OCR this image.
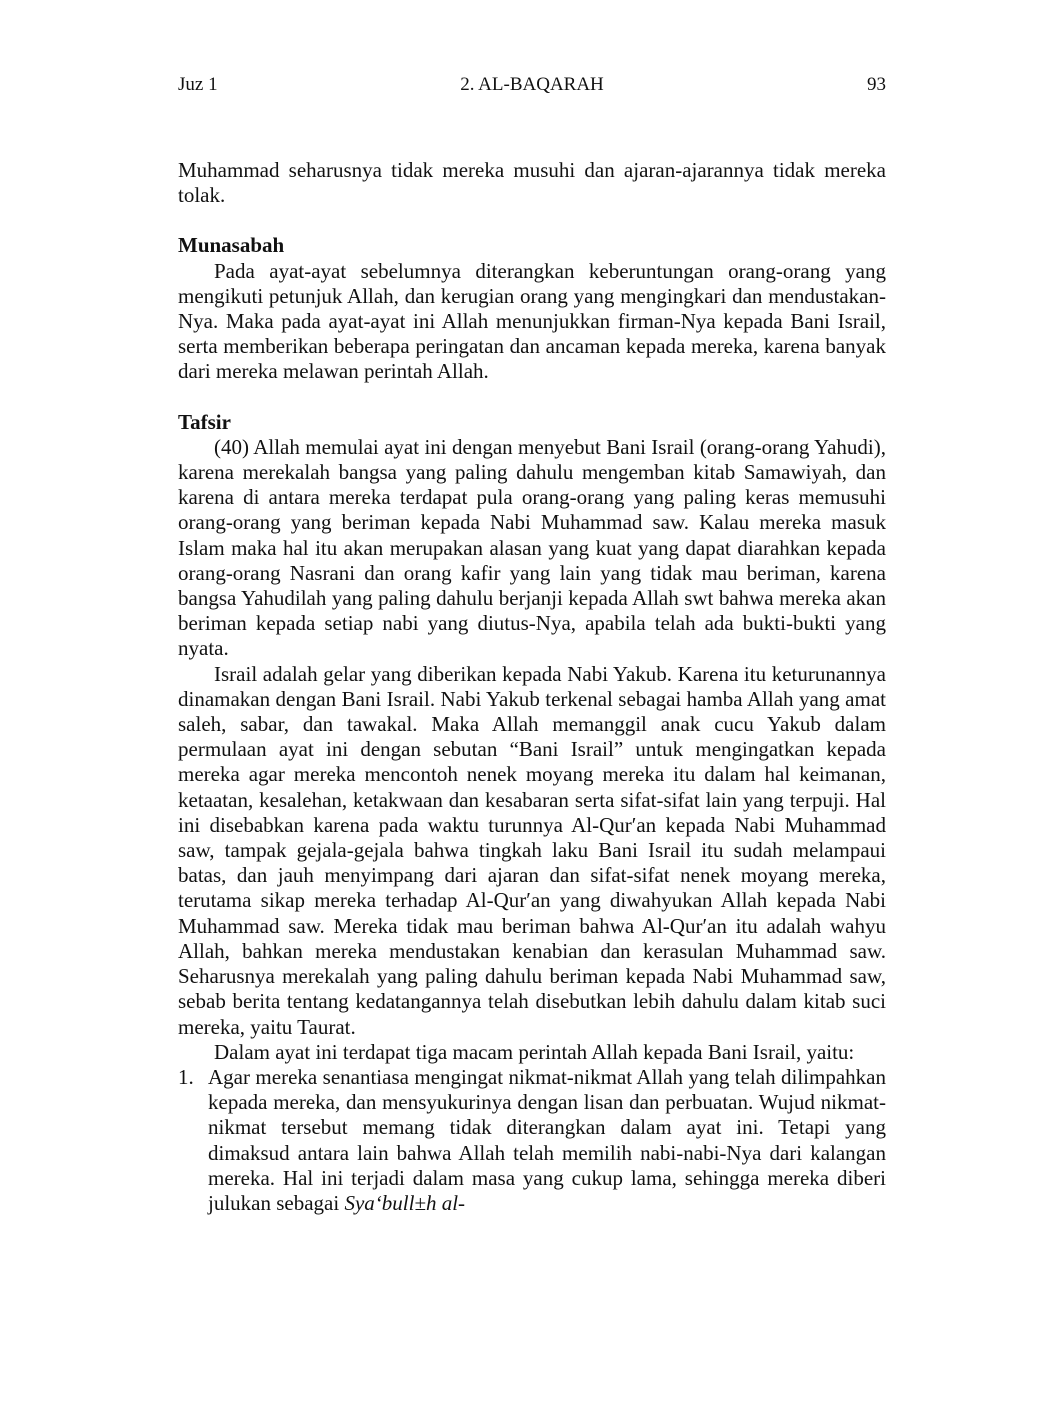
Juz 1	2. AL-BAQARAH	93

Muhammad seharusnya tidak mereka musuhi dan ajaran-ajarannya tidak mereka tolak.

Munasabah

Pada ayat-ayat sebelumnya diterangkan keberuntungan orang-orang yang mengikuti petunjuk Allah, dan kerugian orang yang mengingkari dan mendustakan-Nya. Maka pada ayat-ayat ini Allah menunjukkan firman-Nya kepada Bani Israil, serta memberikan beberapa peringatan dan ancaman kepada mereka, karena banyak dari mereka melawan perintah Allah.

Tafsir

(40) Allah memulai ayat ini dengan menyebut Bani Israil (orang-orang Yahudi), karena merekalah bangsa yang paling dahulu mengemban kitab Samawiyah, dan karena di antara mereka terdapat pula orang-orang yang paling keras memusuhi orang-orang yang beriman kepada Nabi Muhammad saw. Kalau mereka masuk Islam maka hal itu akan merupakan alasan yang kuat yang dapat diarahkan kepada orang-orang Nasrani dan orang kafir yang lain yang tidak mau beriman, karena bangsa Yahudilah yang paling dahulu berjanji kepada Allah swt bahwa mereka akan beriman kepada setiap nabi yang diutus-Nya, apabila telah ada bukti-bukti yang nyata.

Israil adalah gelar yang diberikan kepada Nabi Yakub. Karena itu keturunannya dinamakan dengan Bani Israil. Nabi Yakub terkenal sebagai hamba Allah yang amat saleh, sabar, dan tawakal. Maka Allah memanggil anak cucu Yakub dalam permulaan ayat ini dengan sebutan “Bani Israil” untuk mengingatkan kepada mereka agar mereka mencontoh nenek moyang mereka itu dalam hal keimanan, ketaatan, kesalehan, ketakwaan dan kesabaran serta sifat-sifat lain yang terpuji. Hal ini disebabkan karena pada waktu turunnya Al-Qur′an kepada Nabi Muhammad saw, tampak gejala-gejala bahwa tingkah laku Bani Israil itu sudah melampaui batas, dan jauh menyimpang dari ajaran dan sifat-sifat nenek moyang mereka, terutama sikap mereka terhadap Al-Qur′an yang diwahyukan Allah kepada Nabi Muhammad saw. Mereka tidak mau beriman bahwa Al-Qur′an itu adalah wahyu Allah, bahkan mereka mendustakan kenabian dan kerasulan Muhammad saw. Seharusnya merekalah yang paling dahulu beriman kepada Nabi Muhammad saw, sebab berita tentang kedatangannya telah disebutkan lebih dahulu dalam kitab suci mereka, yaitu Taurat.

Dalam ayat ini terdapat tiga macam perintah Allah kepada Bani Israil, yaitu:

1. Agar mereka senantiasa mengingat nikmat-nikmat Allah yang telah dilimpahkan kepada mereka, dan mensyukurinya dengan lisan dan perbuatan. Wujud nikmat-nikmat tersebut memang tidak diterangkan dalam ayat ini. Tetapi yang dimaksud antara lain bahwa Allah telah memilih nabi-nabi-Nya dari kalangan mereka. Hal ini terjadi dalam masa yang cukup lama, sehingga mereka diberi julukan sebagai Sya‘bull±h al-
